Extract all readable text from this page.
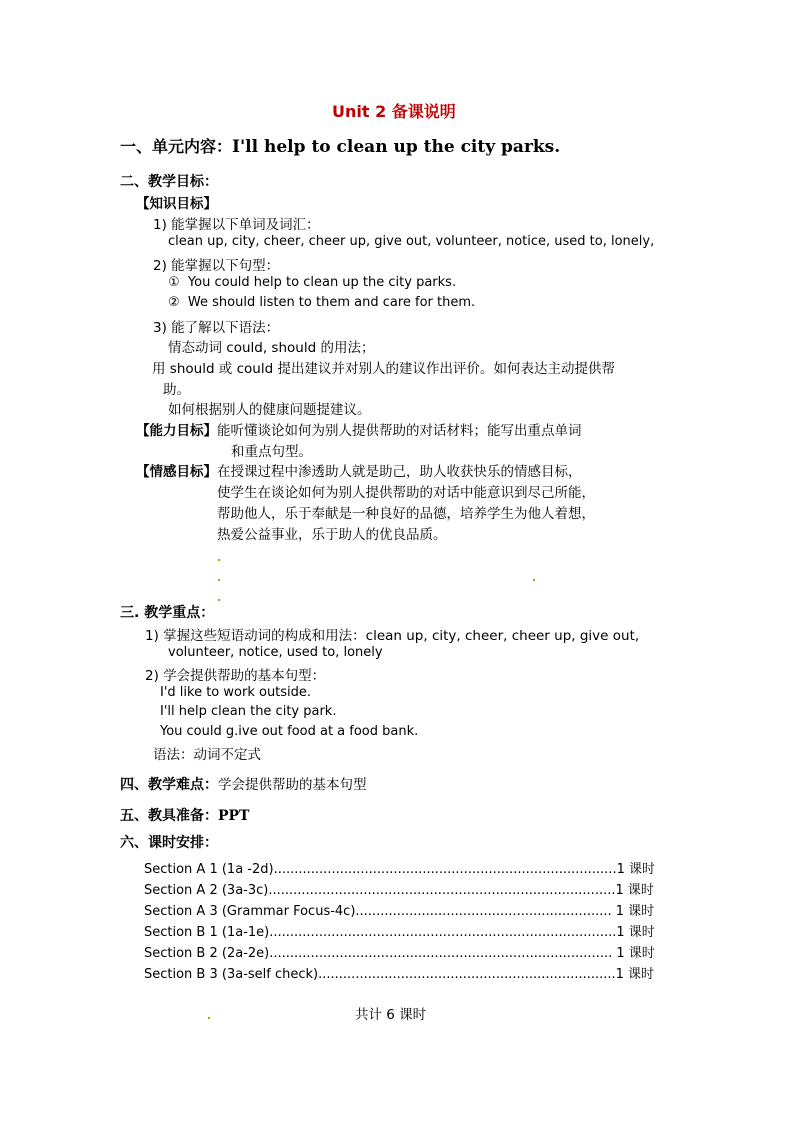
Unit 2 备课说明
一、单元内容：I'll help to clean up the city parks.
二、教学目标：
【知识目标】
1) 能掌握以下单词及词汇：
clean up, city, cheer, cheer up, give out, volunteer, notice, used to, lonely,
2) 能掌握以下句型：
① You could help to clean up the city parks.
② We should listen to them and care for them.
3) 能了解以下语法：
情态动词 could, should 的用法；
用 should 或 could 提出建议并对别人的建议作出评价。如何表达主动提供帮
助。
如何根据别人的健康问题提建议。
【能力目标】能听懂谈论如何为别人提供帮助的对话材料；能写出重点单词
和重点句型。
【情感目标】在授课过程中渗透助人就是助己，助人收获快乐的情感目标，
使学生在谈论如何为别人提供帮助的对话中能意识到尽己所能，
帮助他人，乐于奉献是一种良好的品德，培养学生为他人着想，
热爱公益事业，乐于助人的优良品质。
三. 教学重点：
1) 掌握这些短语动词的构成和用法：clean up, city, cheer, cheer up, give out,
volunteer, notice, used to, lonely
2) 学会提供帮助的基本句型：
I'd like to work outside.
I'll help clean the city park.
You could g.ive out food at a food bank.
语法：动词不定式
四、教学难点：学会提供帮助的基本句型
五、教具准备：PPT
六、课时安排：
Section A 1 (1a -2d)...................................................................................1 课时
Section A 2 (3a-3c)....................................................................................1 课时
Section A 3 (Grammar Focus-4c).............................................................. 1 课时
Section B 1 (1a-1e)....................................................................................1 课时
Section B 2 (2a-2e)................................................................................... 1 课时
Section B 3 (3a-self check)........................................................................1 课时
共计 6 课时
